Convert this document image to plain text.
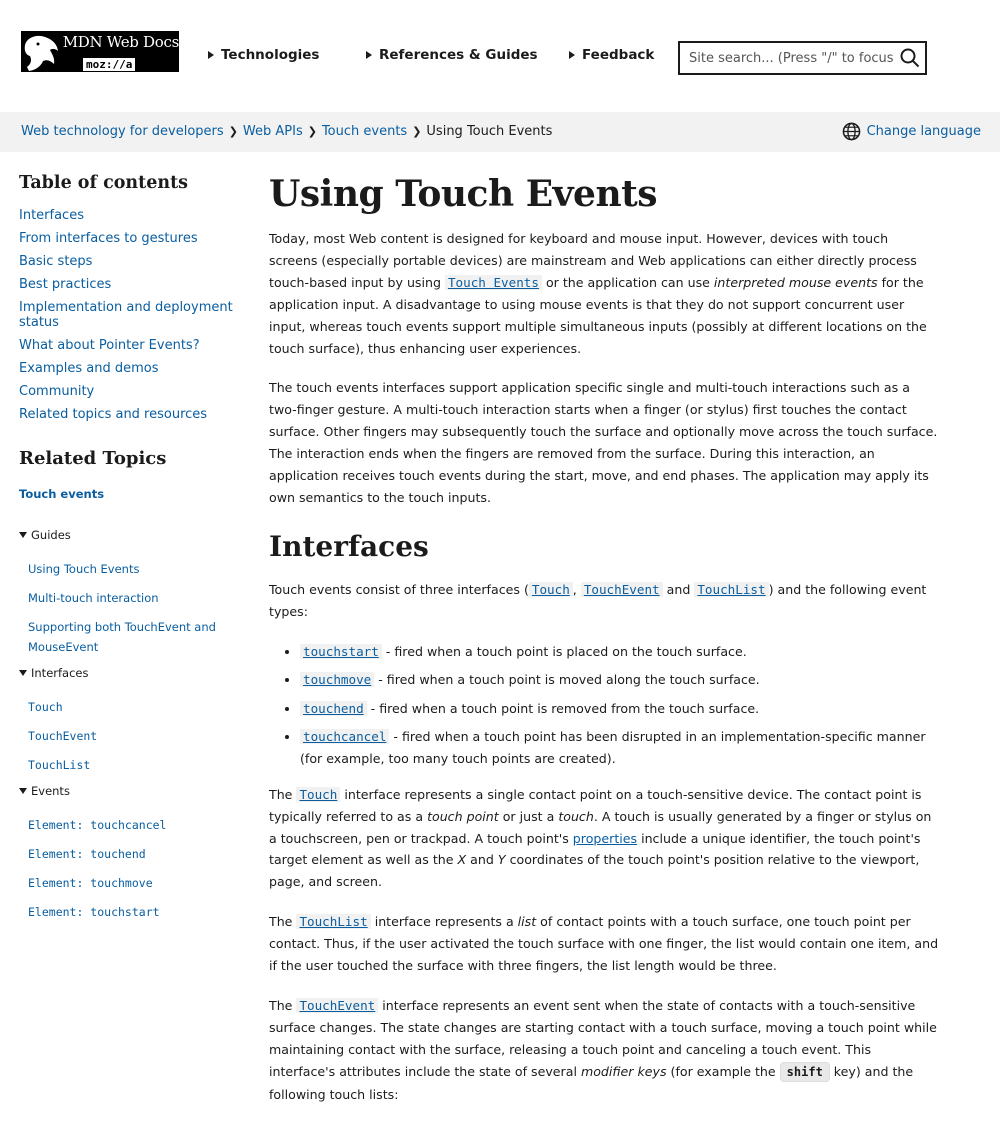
MDN Web Docs
moz://a
Technologies	References & Guides	Feedback
Site search... (Press "/" to focus)
Web technology for developers ❯ Web APIs ❯ Touch events ❯ Using Touch Events	Change language
Table of contents
Interfaces
From interfaces to gestures
Basic steps
Best practices
Implementation and deployment status
What about Pointer Events?
Examples and demos
Community
Related topics and resources
Related Topics
Touch events
Guides
Using Touch Events
Multi-touch interaction
Supporting both TouchEvent and MouseEvent
Interfaces
Touch
TouchEvent
TouchList
Events
Element: touchcancel
Element: touchend
Element: touchmove
Element: touchstart
Using Touch Events

Today, most Web content is designed for keyboard and mouse input. However, devices with touch screens (especially portable devices) are mainstream and Web applications can either directly process touch-based input by using Touch Events or the application can use interpreted mouse events for the application input. A disadvantage to using mouse events is that they do not support concurrent user input, whereas touch events support multiple simultaneous inputs (possibly at different locations on the touch surface), thus enhancing user experiences.

The touch events interfaces support application specific single and multi-touch interactions such as a two-finger gesture. A multi-touch interaction starts when a finger (or stylus) first touches the contact surface. Other fingers may subsequently touch the surface and optionally move across the touch surface. The interaction ends when the fingers are removed from the surface. During this interaction, an application receives touch events during the start, move, and end phases. The application may apply its own semantics to the touch inputs.

Interfaces

Touch events consist of three interfaces ( Touch , TouchEvent and TouchList ) and the following event types:

• touchstart - fired when a touch point is placed on the touch surface.
• touchmove - fired when a touch point is moved along the touch surface.
• touchend - fired when a touch point is removed from the touch surface.
• touchcancel - fired when a touch point has been disrupted in an implementation-specific manner (for example, too many touch points are created).

The Touch interface represents a single contact point on a touch-sensitive device. The contact point is typically referred to as a touch point or just a touch. A touch is usually generated by a finger or stylus on a touchscreen, pen or trackpad. A touch point's properties include a unique identifier, the touch point's target element as well as the X and Y coordinates of the touch point's position relative to the viewport, page, and screen.

The TouchList interface represents a list of contact points with a touch surface, one touch point per contact. Thus, if the user activated the touch surface with one finger, the list would contain one item, and if the user touched the surface with three fingers, the list length would be three.

The TouchEvent interface represents an event sent when the state of contacts with a touch-sensitive surface changes. The state changes are starting contact with a touch surface, moving a touch point while maintaining contact with the surface, releasing a touch point and canceling a touch event. This interface's attributes include the state of several modifier keys (for example the shift key) and the following touch lists:
